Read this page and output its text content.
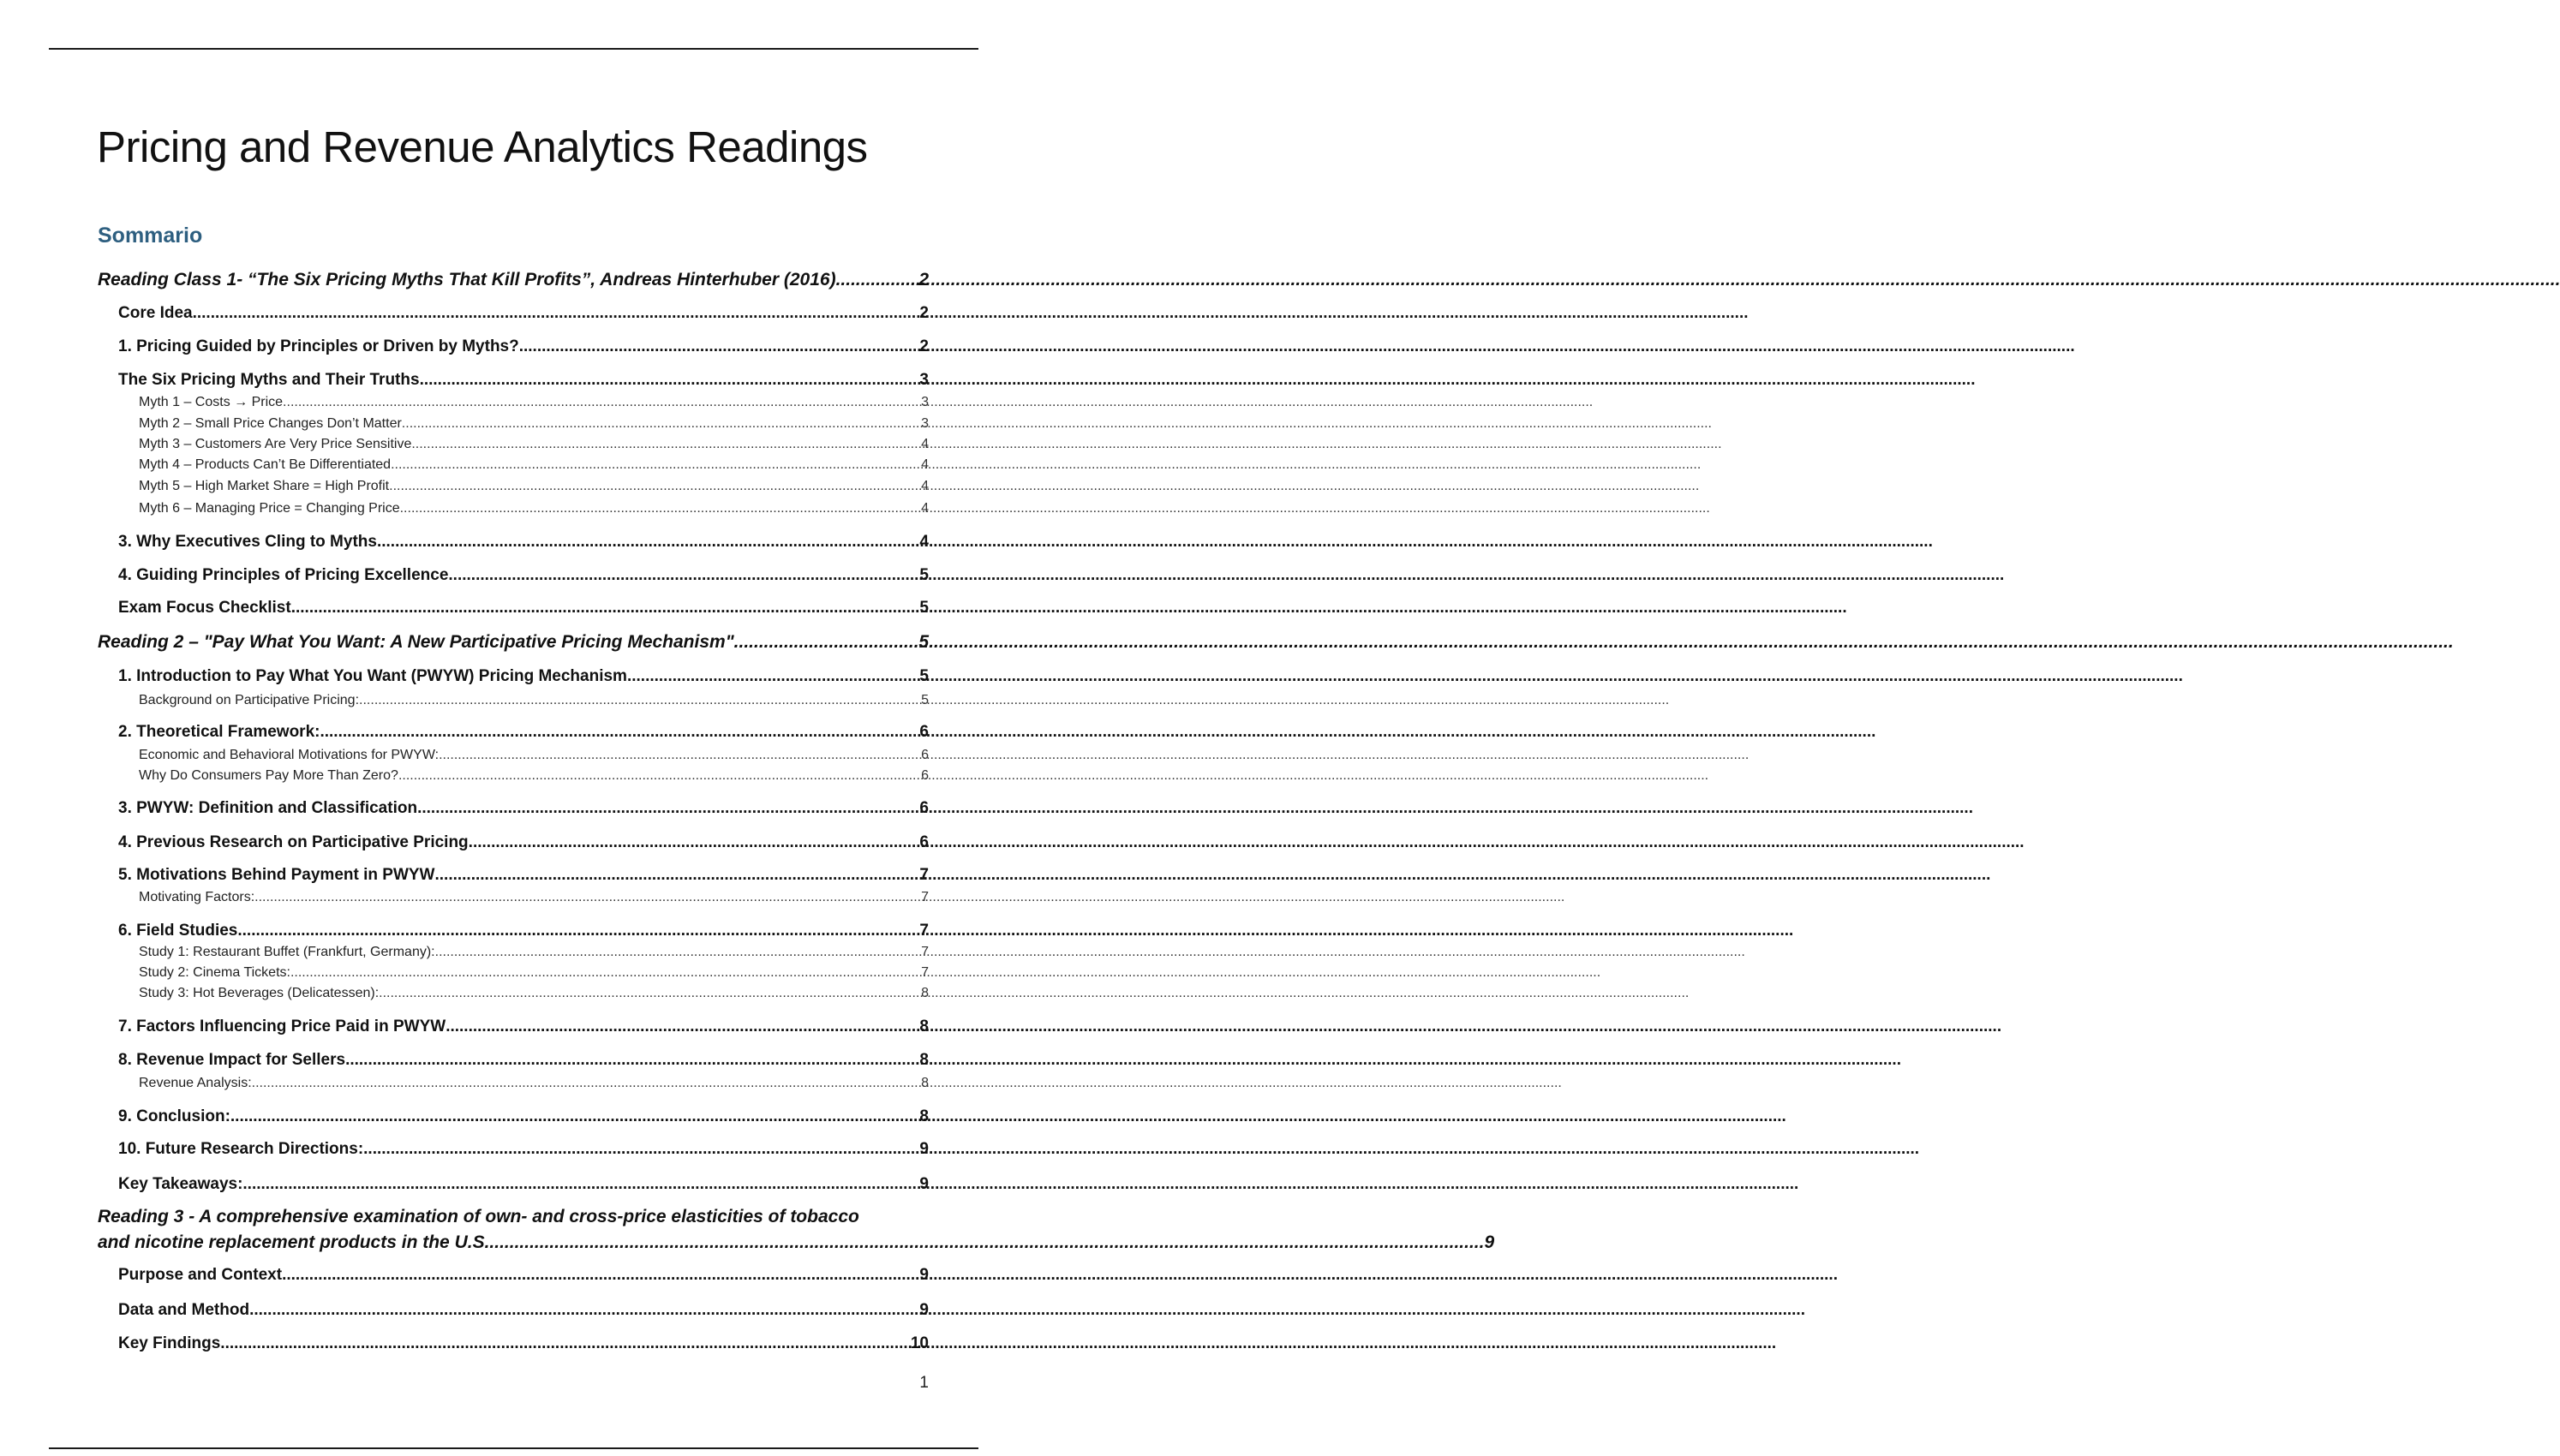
Pricing and Revenue Analytics Readings
Sommario
Reading Class 1- “The Six Pricing Myths That Kill Profits”, Andreas Hinterhuber (2016). .....	2
Core Idea .....	2
1. Pricing Guided by Principles or Driven by Myths? .....	2
The Six Pricing Myths and Their Truths .....	3
Myth 1 – Costs → Price .....	3
Myth 2 – Small Price Changes Don’t Matter .....	3
Myth 3 – Customers Are Very Price Sensitive .....	4
Myth 4 – Products Can’t Be Differentiated .....	4
Myth 5 – High Market Share = High Profit .....	4
Myth 6 – Managing Price = Changing Price .....	4
3. Why Executives Cling to Myths .....	4
4. Guiding Principles of Pricing Excellence .....	5
Exam Focus Checklist .....	5
Reading 2 – "Pay What You Want: A New Participative Pricing Mechanism" .....	5
1. Introduction to Pay What You Want (PWYW) Pricing Mechanism .....	5
Background on Participative Pricing: .....	5
2. Theoretical Framework: .....	6
Economic and Behavioral Motivations for PWYW: .....	6
Why Do Consumers Pay More Than Zero? .....	6
3. PWYW: Definition and Classification .....	6
4. Previous Research on Participative Pricing .....	6
5. Motivations Behind Payment in PWYW .....	7
Motivating Factors: .....	7
6. Field Studies .....	7
Study 1: Restaurant Buffet (Frankfurt, Germany): .....	7
Study 2: Cinema Tickets: .....	7
Study 3: Hot Beverages (Delicatessen): .....	8
7. Factors Influencing Price Paid in PWYW .....	8
8. Revenue Impact for Sellers .....	8
Revenue Analysis: .....	8
9. Conclusion: .....	8
10. Future Research Directions: .....	9
Key Takeaways: .....	9
Reading 3 - A comprehensive examination of own- and cross-price elasticities of tobacco
and nicotine replacement products in the U.S .....	9
Purpose and Context .....	9
Data and Method .....	9
Key Findings .....	10
1
